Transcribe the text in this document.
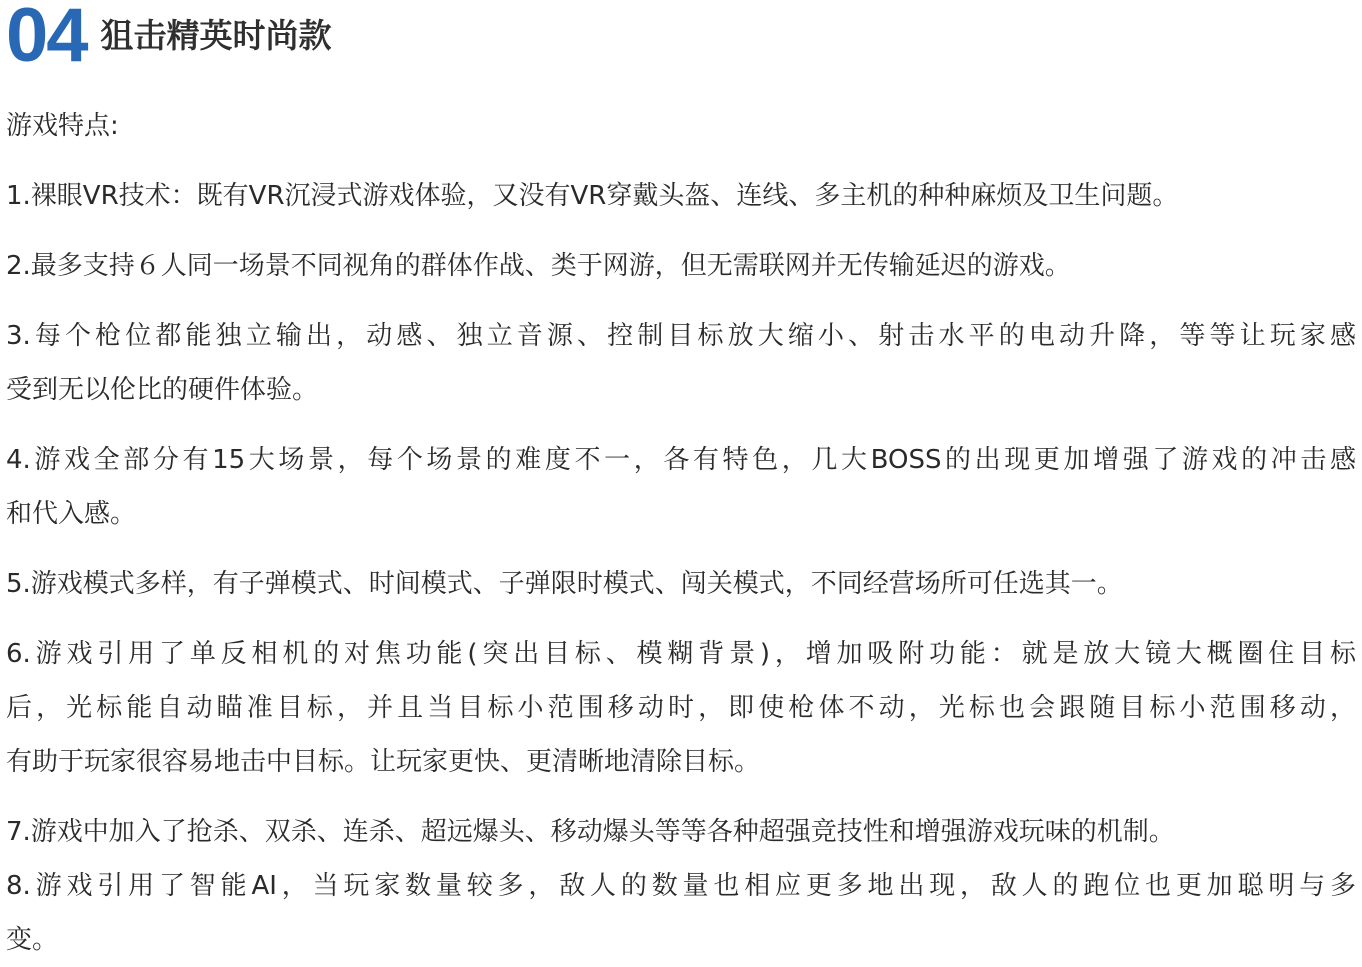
04 狙击精英时尚款

游戏特点:

1.裸眼VR技术：既有VR沉浸式游戏体验，又没有VR穿戴头盔、连线、多主机的种种麻烦及卫生问题。

2.最多支持６人同一场景不同视角的群体作战、类于网游，但无需联网并无传输延迟的游戏。

3.每个枪位都能独立输出，动感、独立音源、控制目标放大缩小、射击水平的电动升降，等等让玩家感
受到无以伦比的硬件体验。

4.游戏全部分有15大场景，每个场景的难度不一，各有特色，几大BOSS的出现更加增强了游戏的冲击感
和代入感。

5.游戏模式多样，有子弹模式、时间模式、子弹限时模式、闯关模式，不同经营场所可任选其一。

6.游戏引用了单反相机的对焦功能(突出目标、模糊背景)，增加吸附功能：就是放大镜大概圈住目标
后，光标能自动瞄准目标，并且当目标小范围移动时，即使枪体不动，光标也会跟随目标小范围移动，
有助于玩家很容易地击中目标。让玩家更快、更清晰地清除目标。

7.游戏中加入了抢杀、双杀、连杀、超远爆头、移动爆头等等各种超强竞技性和增强游戏玩味的机制。

8.游戏引用了智能AI，当玩家数量较多，敌人的数量也相应更多地出现，敌人的跑位也更加聪明与多
变。
